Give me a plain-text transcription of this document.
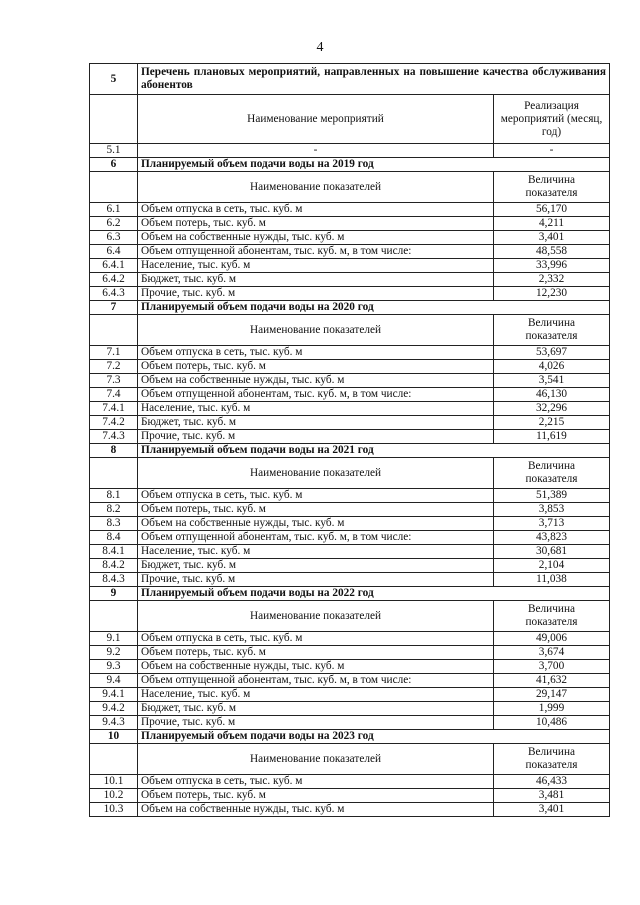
4
5	Перечень плановых мероприятий, направленных на повышение качества обслуживания абонентов	
	Наименование мероприятий	Реализация мероприятий (месяц, год)
5.1	-	-
6	Планируемый объем подачи воды на 2019 год	
	Наименование показателей	Величина показателя
6.1	Объем отпуска в сеть, тыс. куб. м	56,170
6.2	Объем потерь, тыс. куб. м	4,211
6.3	Объем на собственные нужды, тыс. куб. м	3,401
6.4	Объем отпущенной абонентам, тыс. куб. м, в том числе:	48,558
6.4.1	Население, тыс. куб. м	33,996
6.4.2	Бюджет, тыс. куб. м	2,332
6.4.3	Прочие, тыс. куб. м	12,230
7	Планируемый объем подачи воды на 2020 год	
	Наименование показателей	Величина показателя
7.1	Объем отпуска в сеть, тыс. куб. м	53,697
7.2	Объем потерь, тыс. куб. м	4,026
7.3	Объем на собственные нужды, тыс. куб. м	3,541
7.4	Объем отпущенной абонентам, тыс. куб. м, в том числе:	46,130
7.4.1	Население, тыс. куб. м	32,296
7.4.2	Бюджет, тыс. куб. м	2,215
7.4.3	Прочие, тыс. куб. м	11,619
8	Планируемый объем подачи воды на 2021 год	
	Наименование показателей	Величина показателя
8.1	Объем отпуска в сеть, тыс. куб. м	51,389
8.2	Объем потерь, тыс. куб. м	3,853
8.3	Объем на собственные нужды, тыс. куб. м	3,713
8.4	Объем отпущенной абонентам, тыс. куб. м, в том числе:	43,823
8.4.1	Население, тыс. куб. м	30,681
8.4.2	Бюджет, тыс. куб. м	2,104
8.4.3	Прочие, тыс. куб. м	11,038
9	Планируемый объем подачи воды на 2022 год	
	Наименование показателей	Величина показателя
9.1	Объем отпуска в сеть, тыс. куб. м	49,006
9.2	Объем потерь, тыс. куб. м	3,674
9.3	Объем на собственные нужды, тыс. куб. м	3,700
9.4	Объем отпущенной абонентам, тыс. куб. м, в том числе:	41,632
9.4.1	Население, тыс. куб. м	29,147
9.4.2	Бюджет, тыс. куб. м	1,999
9.4.3	Прочие, тыс. куб. м	10,486
10	Планируемый объем подачи воды на 2023 год	
	Наименование показателей	Величина показателя
10.1	Объем отпуска в сеть, тыс. куб. м	46,433
10.2	Объем потерь, тыс. куб. м	3,481
10.3	Объем на собственные нужды, тыс. куб. м	3,401
